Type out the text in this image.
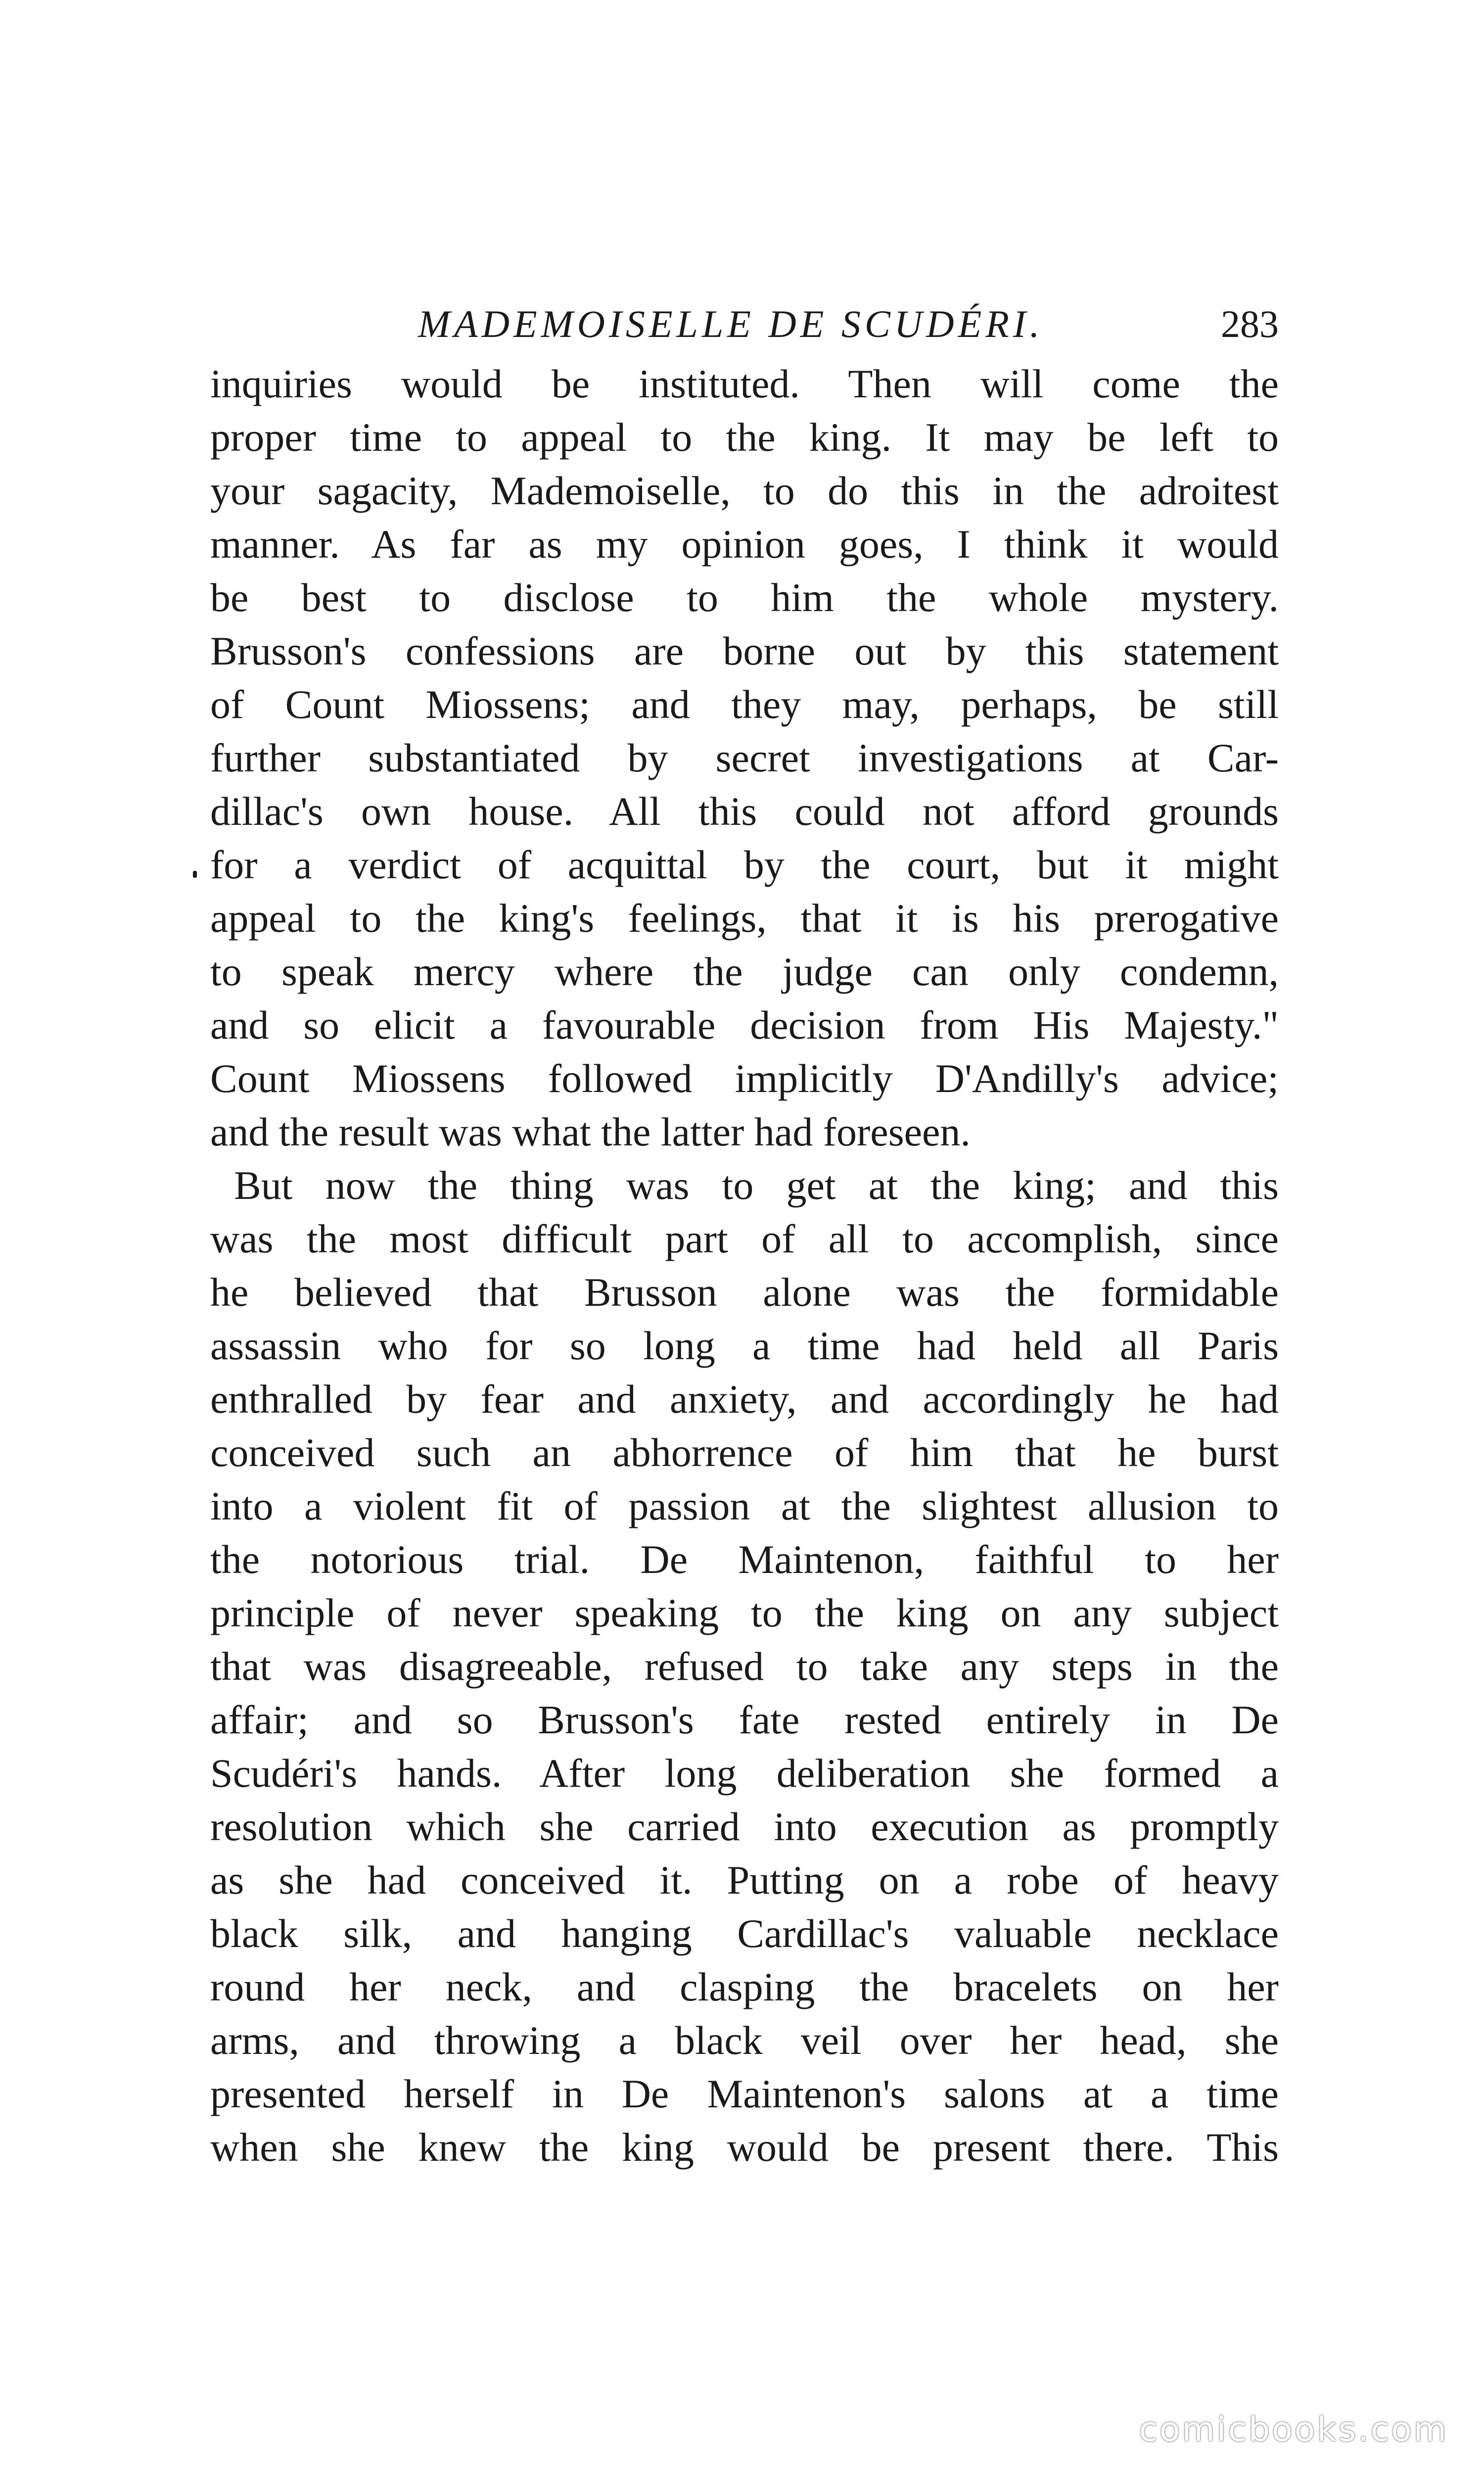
MADEMOISELLE DE SCUDÉRI.	283
inquiries would be instituted. Then will come the
proper time to appeal to the king. It may be left to
your sagacity, Mademoiselle, to do this in the adroitest
manner. As far as my opinion goes, I think it would
be best to disclose to him the whole mystery.
Brusson's confessions are borne out by this statement
of Count Miossens; and they may, perhaps, be still
further substantiated by secret investigations at Car-
dillac's own house. All this could not afford grounds
for a verdict of acquittal by the court, but it might
appeal to the king's feelings, that it is his prerogative
to speak mercy where the judge can only condemn,
and so elicit a favourable decision from His Majesty."
Count Miossens followed implicitly D'Andilly's advice;
and the result was what the latter had foreseen.
But now the thing was to get at the king; and this
was the most difficult part of all to accomplish, since
he believed that Brusson alone was the formidable
assassin who for so long a time had held all Paris
enthralled by fear and anxiety, and accordingly he had
conceived such an abhorrence of him that he burst
into a violent fit of passion at the slightest allusion to
the notorious trial. De Maintenon, faithful to her
principle of never speaking to the king on any subject
that was disagreeable, refused to take any steps in the
affair; and so Brusson's fate rested entirely in De
Scudéri's hands. After long deliberation she formed a
resolution which she carried into execution as promptly
as she had conceived it. Putting on a robe of heavy
black silk, and hanging Cardillac's valuable necklace
round her neck, and clasping the bracelets on her
arms, and throwing a black veil over her head, she
presented herself in De Maintenon's salons at a time
when she knew the king would be present there. This
comicbooks.com
